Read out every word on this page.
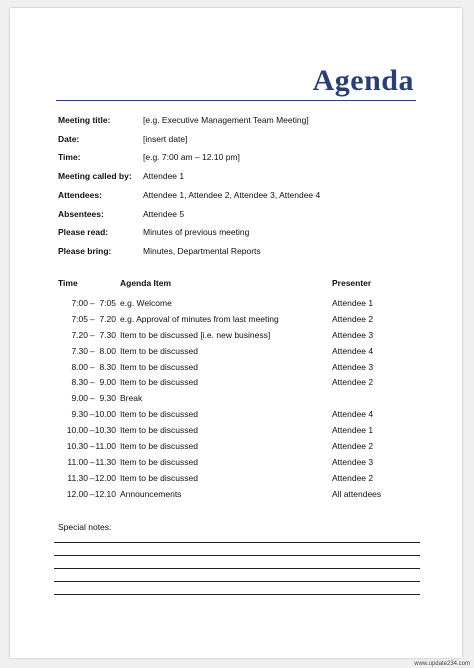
Agenda
Meeting title:	[e.g. Executive Management Team Meeting]
Date:	[insert date]
Time:	[e.g. 7:00 am – 12.10 pm]
Meeting called by:	Attendee 1
Attendees:	Attendee 1, Attendee 2, Attendee 3, Attendee 4
Absentees:	Attendee 5
Please read:	Minutes of previous meeting
Please bring:	Minutes, Departmental Reports
Time	Agenda Item	Presenter
7:00 – 7:05 e.g. Welcome	Attendee 1
7:05 – 7.20 e.g. Approval of minutes from last meeting	Attendee 2
7.20 – 7.30 Item to be discussed [i.e. new business]	Attendee 3
7.30 – 8.00 Item to be discussed	Attendee 4
8.00 – 8.30 Item to be discussed	Attendee 3
8.30 – 9.00 Item to be discussed	Attendee 2
9.00 – 9.30 Break
9.30 – 10.00 Item to be discussed	Attendee 4
10.00 – 10.30 Item to be discussed	Attendee 1
10.30 – 11.00 Item to be discussed	Attendee 2
11.00 – 11.30 Item to be discussed	Attendee 3
11.30 – 12.00 Item to be discussed	Attendee 2
12.00 – 12.10 Announcements	All attendees
Special notes:
www.update234.com
